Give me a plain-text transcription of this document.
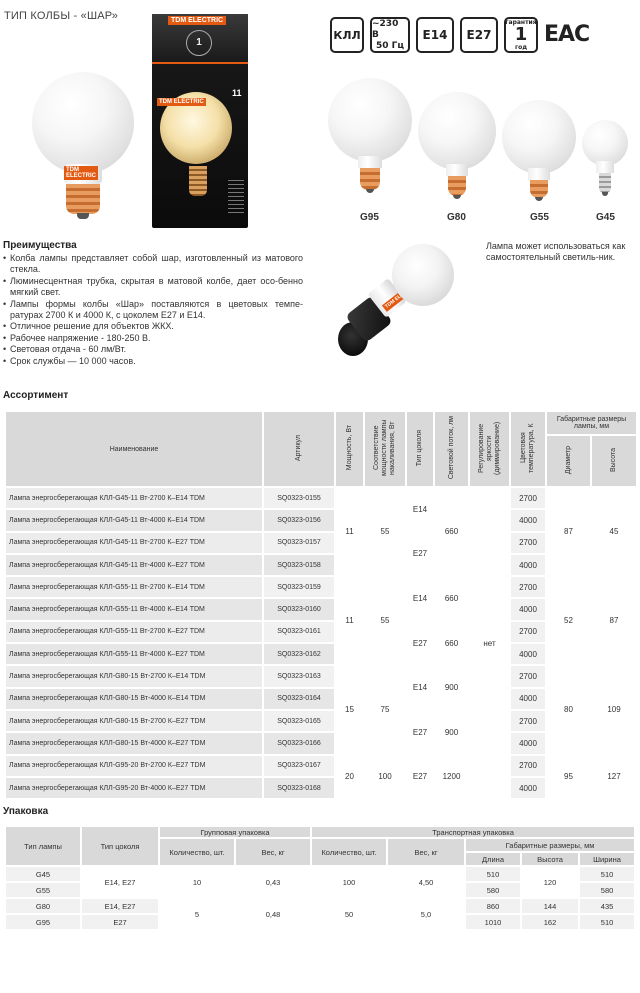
ТИП КОЛБЫ - «ШАР»
TDM ELECTRIC
TDM ELECTRIC
1
TDM ELECTRIC
11
КЛЛ
~230 В
50 Гц
E14	E27
гарантия
1
год
EAC
G95	G80	G55	G45
Преимущества
• Колба лампы представляет собой шар, изготовленный из матового стекла.
• Люминесцентная трубка, скрытая в матовой колбе, дает осо-бенно мягкий свет.
• Лампы формы колбы «Шар» поставляются в цветовых темпе-ратурах 2700 К и 4000 К, с цоколем Е27 и Е14.
• Отличное решение для объектов ЖКХ.
• Рабочее напряжение - 180-250 В.
• Световая отдача - 60 лм/Вт.
• Срок службы — 10 000 часов.
TDM
Лампа может использоваться как самостоятельный светиль-ник.
Ассортимент
Наименование	Артикул	Мощность, Вт	Соответствие мощности лампы накаливания, Вт	Тип цоколя	Световой поток, лм	Регулирование яркости (диммирование)	Цветовая температура, К	Габаритные размеры лампы, мм	
								Диаметр	Высота
Лампа энергосберегающая КЛЛ-G45-11 Вт-2700 К–Е14 TDM	SQ0323-0155	11	55	E14	660	нет	2700	87	45
Лампа энергосберегающая КЛЛ-G45-11 Вт-4000 К–Е14 TDM	SQ0323-0156						4000		
Лампа энергосберегающая КЛЛ-G45-11 Вт-2700 К–Е27 TDM	SQ0323-0157			E27			2700		
Лампа энергосберегающая КЛЛ-G45-11 Вт-4000 К–Е27 TDM	SQ0323-0158						4000		
Лампа энергосберегающая КЛЛ-G55-11 Вт-2700 К–Е14 TDM	SQ0323-0159	11	55	E14	660		2700	52	87
Лампа энергосберегающая КЛЛ-G55-11 Вт-4000 К–Е14 TDM	SQ0323-0160						4000		
Лампа энергосберегающая КЛЛ-G55-11 Вт-2700 К–Е27 TDM	SQ0323-0161			E27	660		2700		
Лампа энергосберегающая КЛЛ-G55-11 Вт-4000 К–Е27 TDM	SQ0323-0162						4000		
Лампа энергосберегающая КЛЛ-G80-15 Вт-2700 К–Е14 TDM	SQ0323-0163	15	75	E14	900		2700	80	109
Лампа энергосберегающая КЛЛ-G80-15 Вт-4000 К–Е14 TDM	SQ0323-0164						4000		
Лампа энергосберегающая КЛЛ-G80-15 Вт-2700 К–Е27 TDM	SQ0323-0165			E27	900		2700		
Лампа энергосберегающая КЛЛ-G80-15 Вт-4000 К–Е27 TDM	SQ0323-0166						4000		
Лампа энергосберегающая КЛЛ-G95-20 Вт-2700 К–Е27 TDM	SQ0323-0167	20	100	E27	1200		2700	95	127
Лампа энергосберегающая КЛЛ-G95-20 Вт-4000 К–Е27 TDM	SQ0323-0168						4000		
Упаковка
Тип лампы	Тип цоколя	Групповая упаковка		Транспортная упаковка				
		Количество, шт.	Вес, кг	Количество, шт.	Вес, кг	Габаритные размеры, мм		
						Длина	Высота	Ширина
G45	E14, E27	10	0,43	100	4,50	510	120	510
G55						580		580
G80	E14, E27	5	0,48	50	5,0	860	144	435
G95	E27					1010	162	510
